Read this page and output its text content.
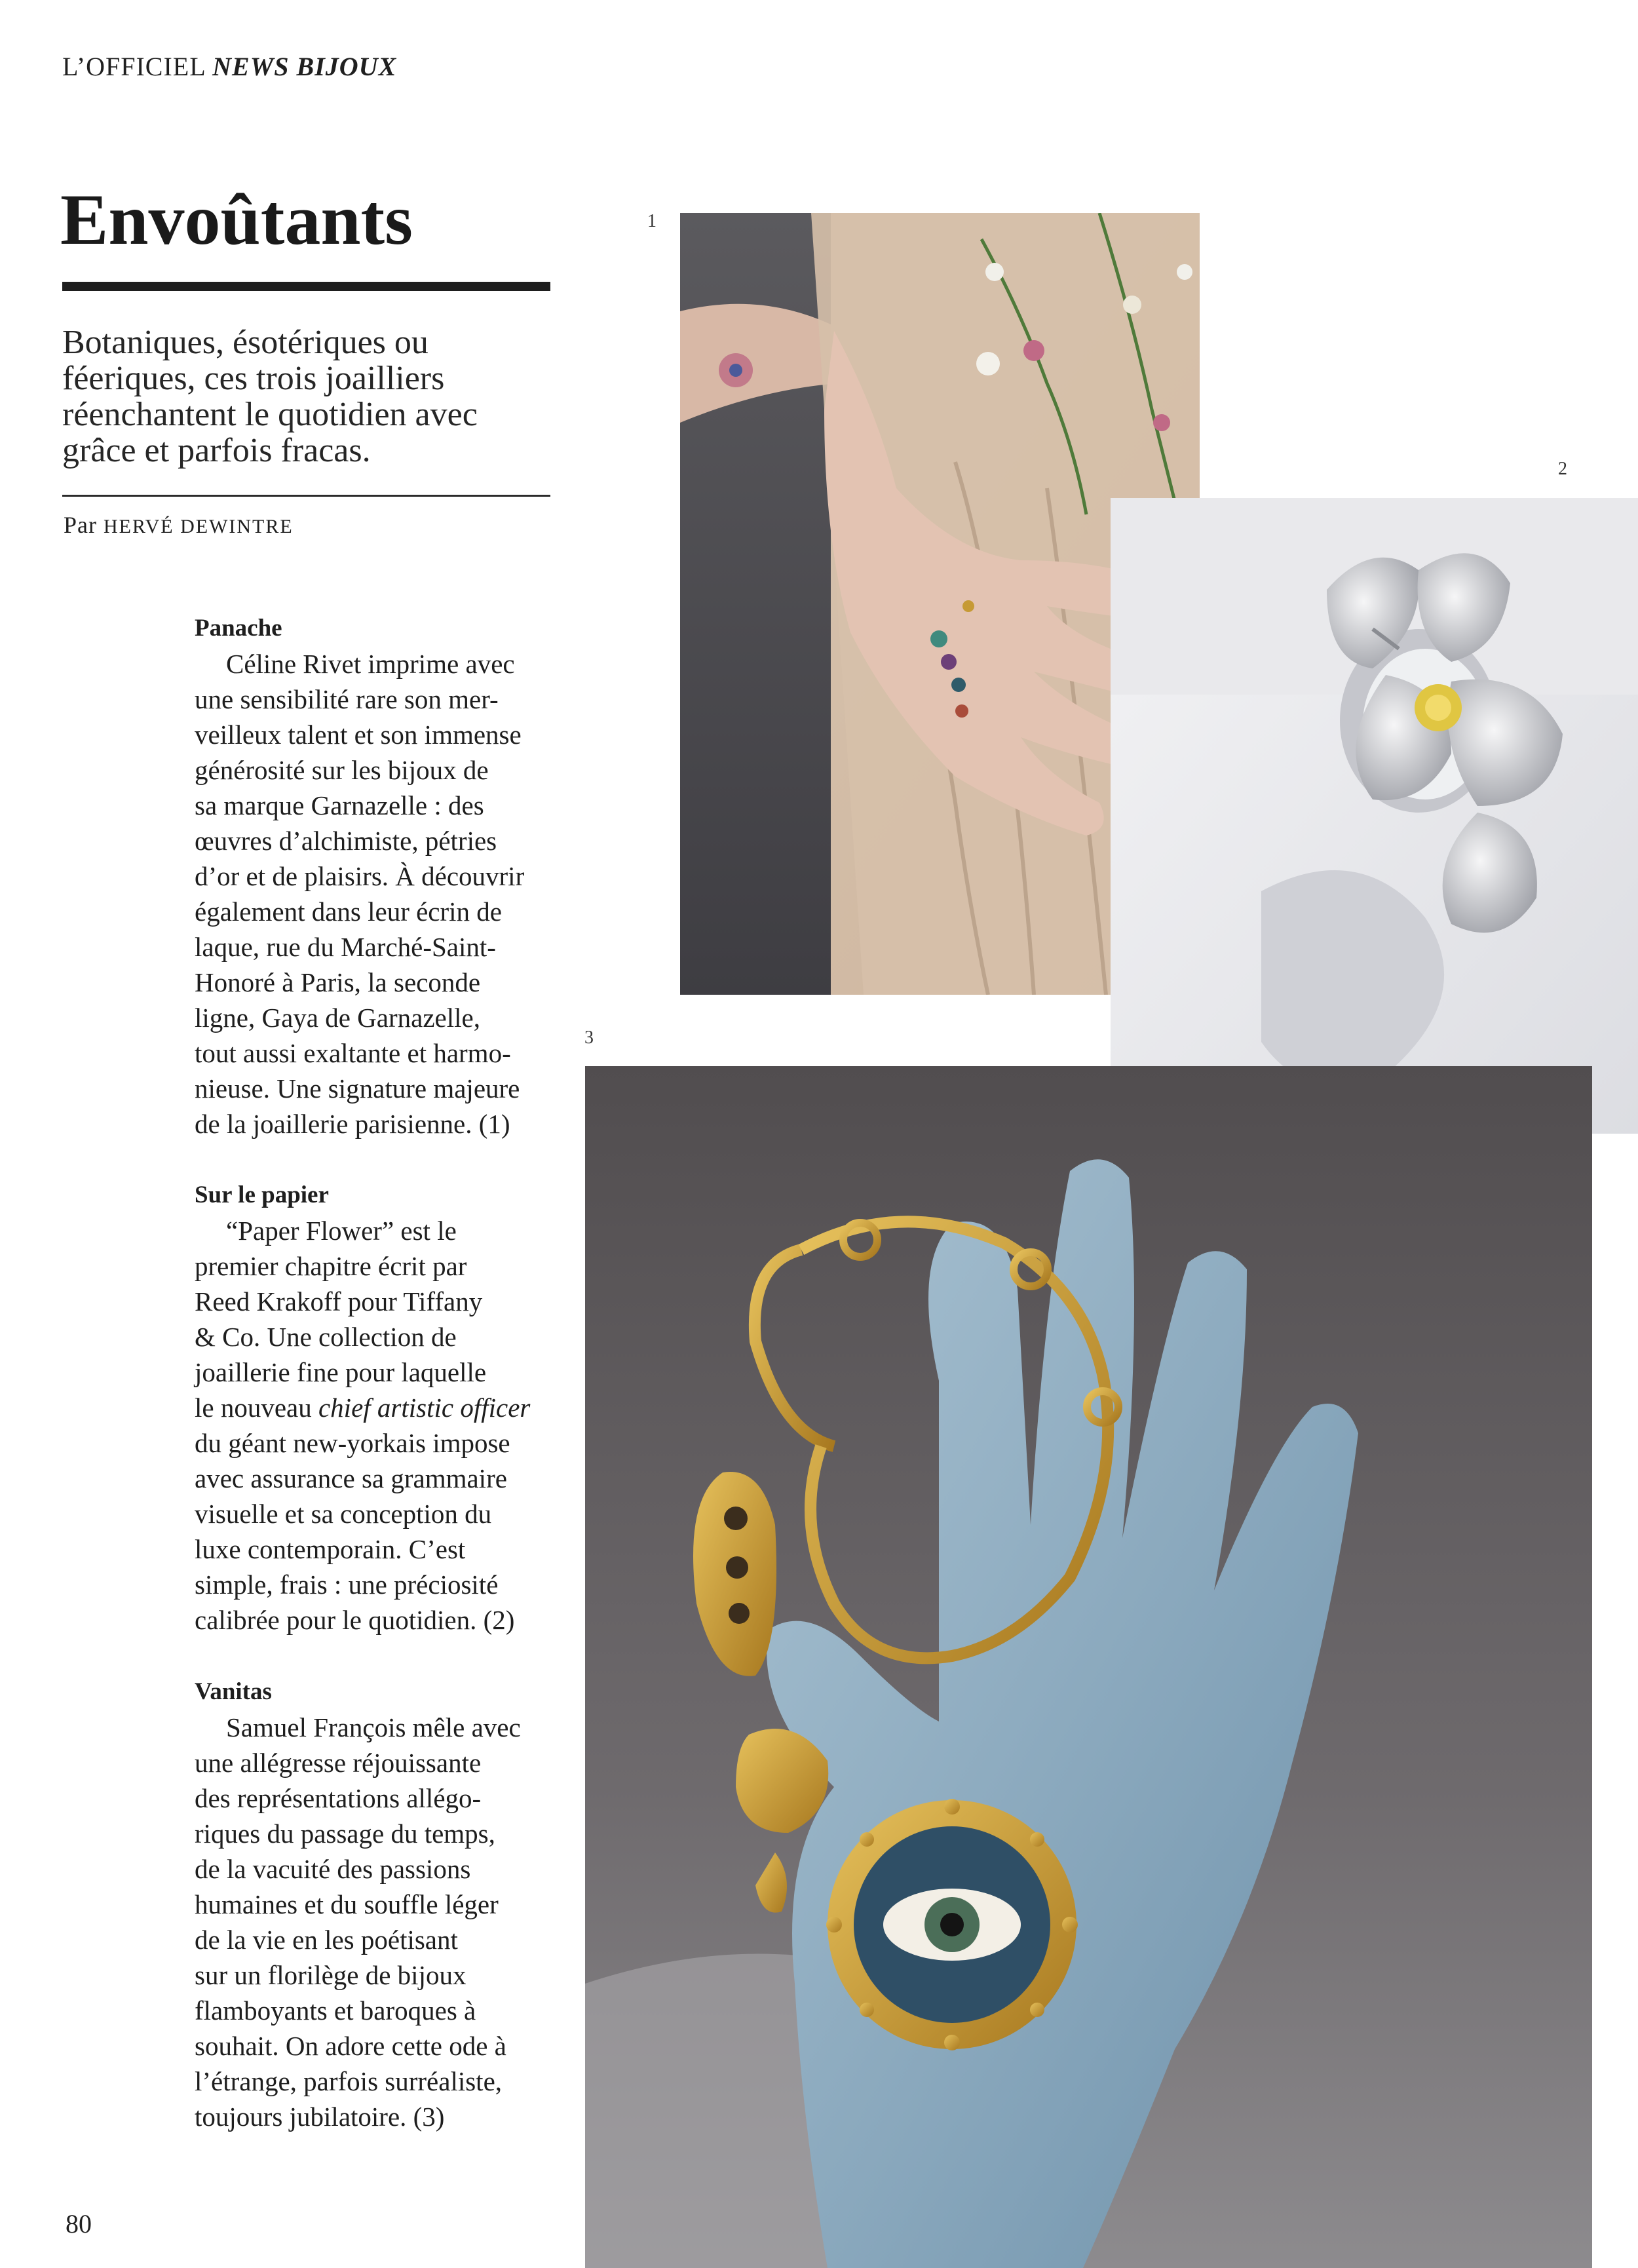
L’OFFICIEL NEWS BIJOUX
Envoûtants
Botaniques, ésotériques ou féeriques, ces trois joailliers réenchantent le quotidien avec grâce et parfois fracas.
Par HERVÉ DEWINTRE
Panache

Céline Rivet imprime avec
une sensibilité rare son mer-
veilleux talent et son immense
générosité sur les bijoux de
sa marque Garnazelle : des
œuvres d’alchimiste, pétries
d’or et de plaisirs. À découvrir
également dans leur écrin de
laque, rue du Marché-Saint-
Honoré à Paris, la seconde
ligne, Gaya de Garnazelle,
tout aussi exaltante et harmo-
nieuse. Une signature majeure
de la joaillerie parisienne. (1)

Sur le papier

“Paper Flower” est le
premier chapitre écrit par
Reed Krakoff pour Tiffany
& Co. Une collection de
joaillerie fine pour laquelle
le nouveau chief artistic officer
du géant new-yorkais impose
avec assurance sa grammaire
visuelle et sa conception du
luxe contemporain. C’est
simple, frais : une préciosité
calibrée pour le quotidien. (2)

Vanitas

Samuel François mêle avec
une allégresse réjouissante
des représentations allégo-
riques du passage du temps,
de la vacuité des passions
humaines et du souffle léger
de la vie en les poétisant
sur un florilège de bijoux
flamboyants et baroques à
souhait. On adore cette ode à
l’étrange, parfois surréaliste,
toujours jubilatoire. (3)

80
1
2
3
